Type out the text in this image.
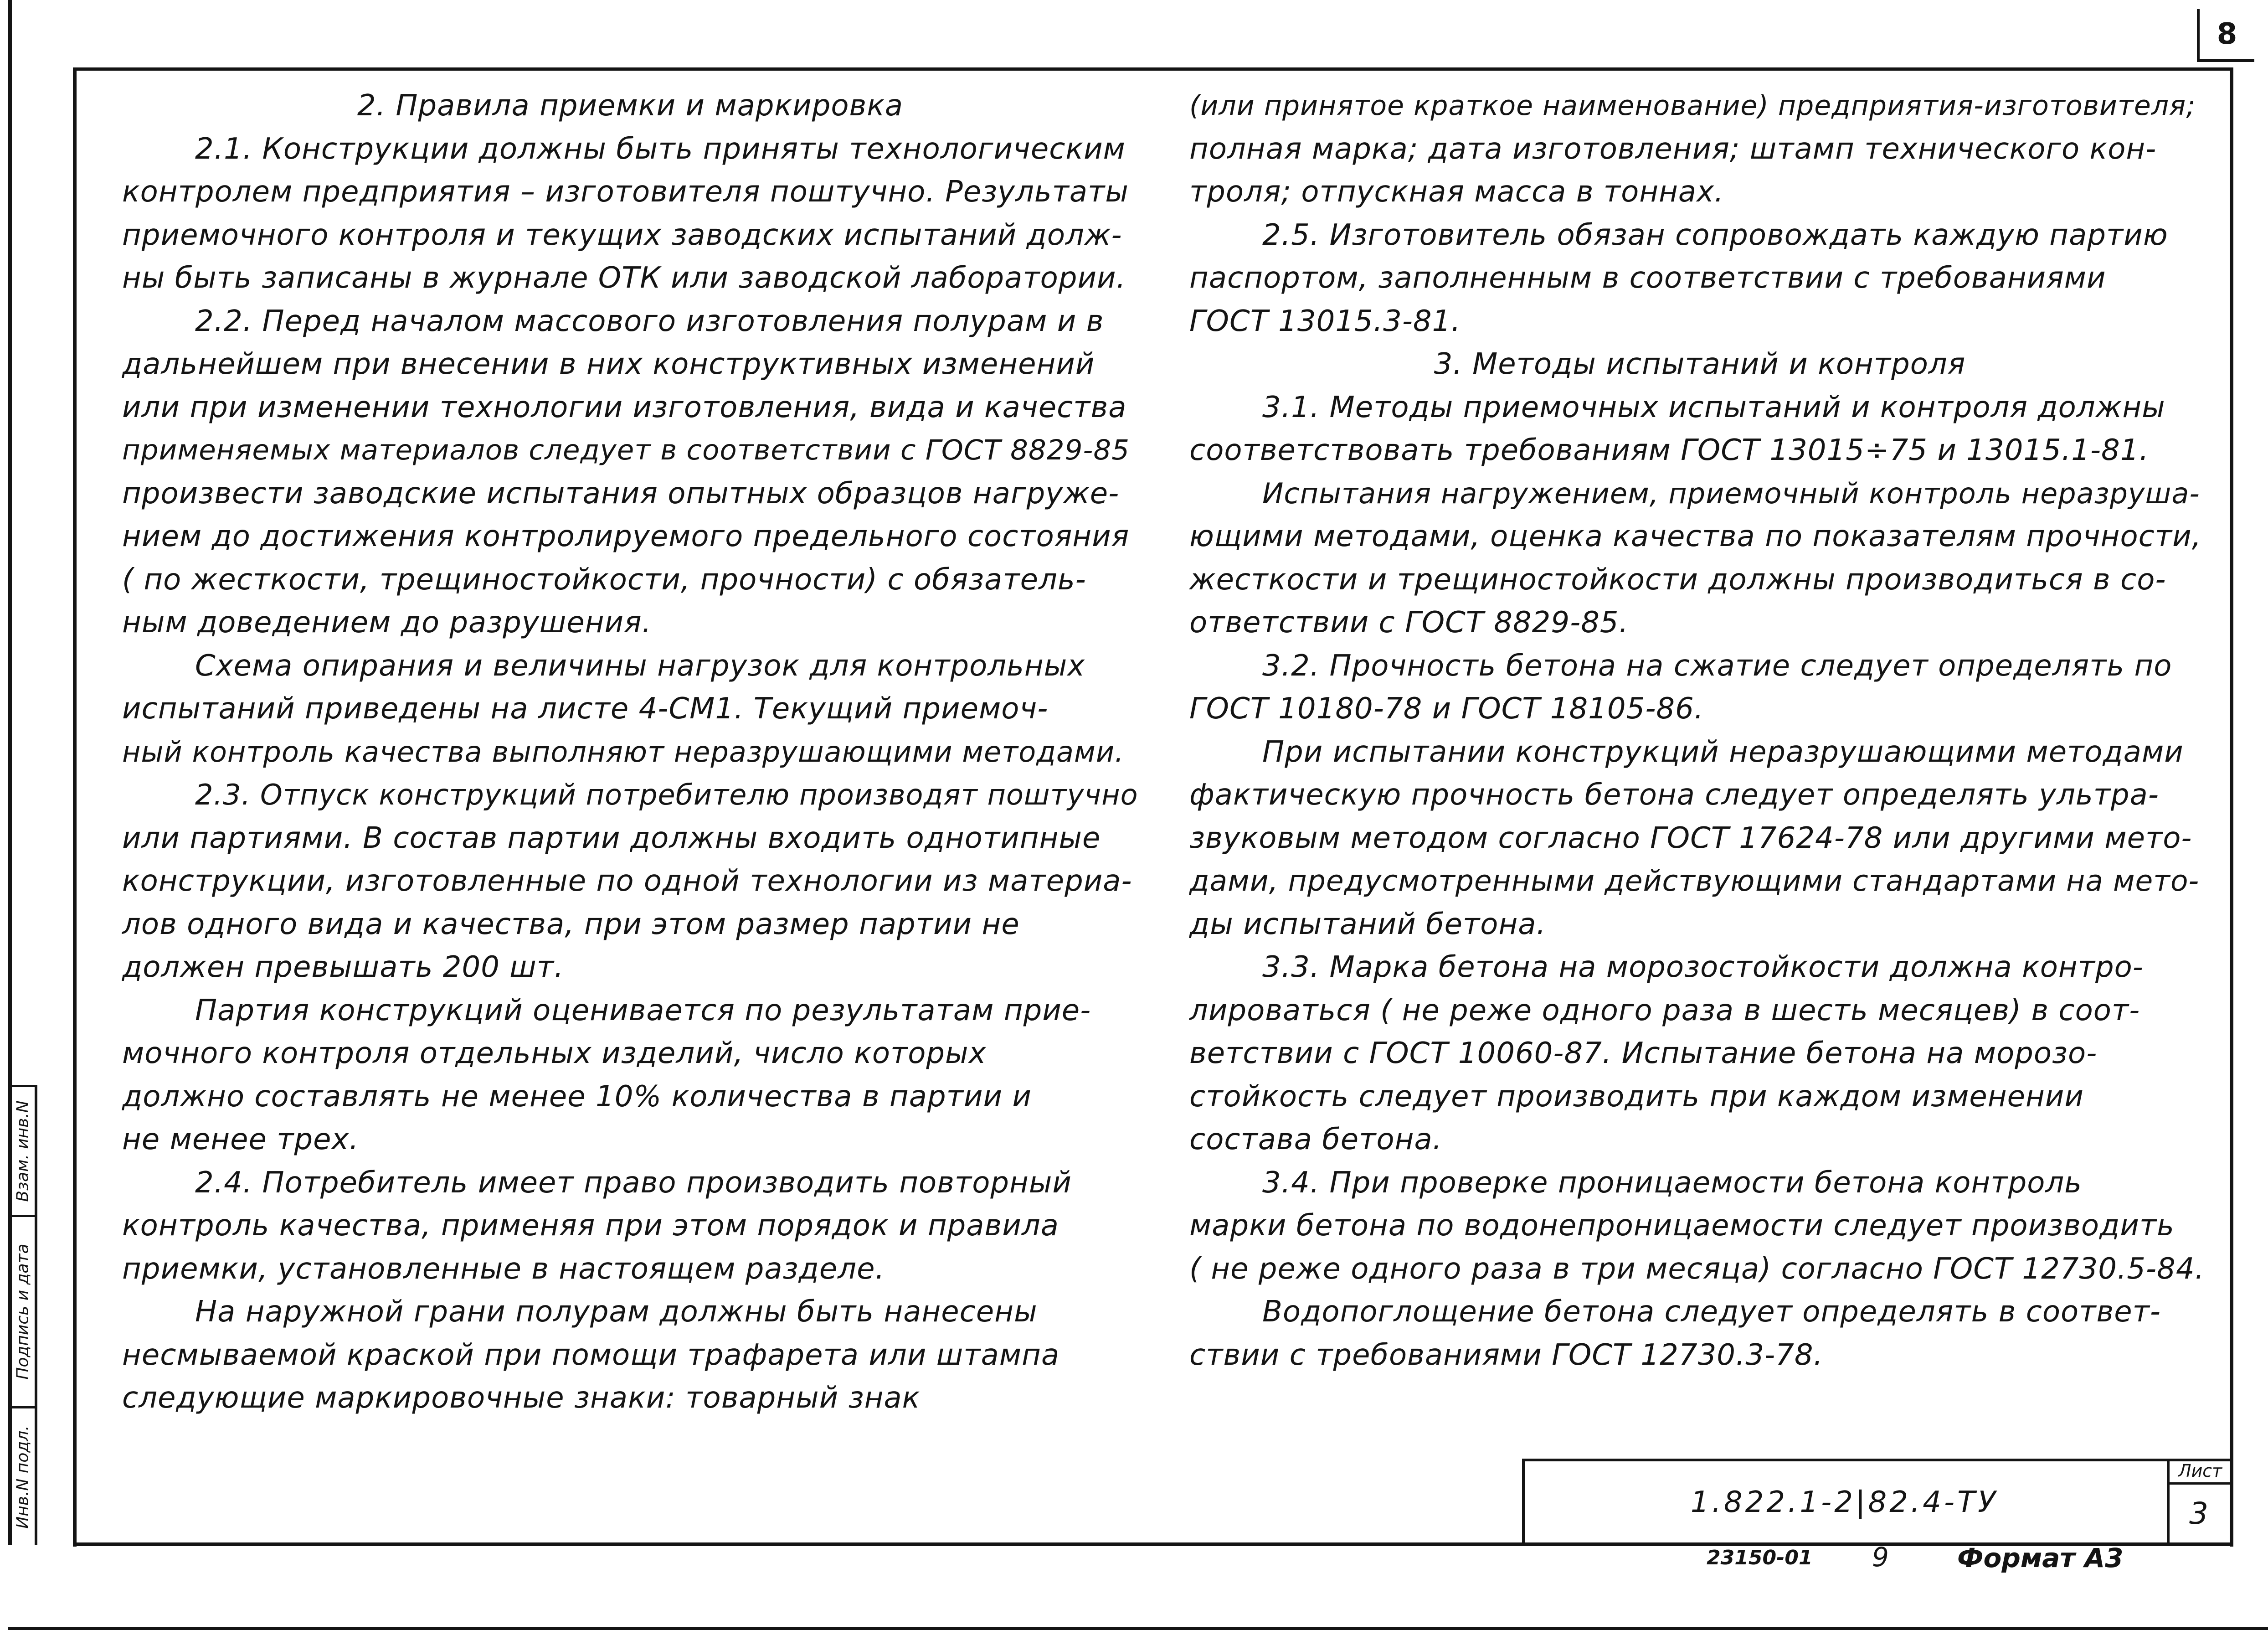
8
Взам. инв.N
Подпись и дата
Инв.N подл.
2. Правила приемки и маркировка
2.1. Конструкции должны быть приняты технологическим
контролем предприятия – изготовителя поштучно. Результаты
приемочного контроля и текущих заводских испытаний долж-
ны быть записаны в журнале ОТК или заводской лаборатории.
2.2. Перед началом массового изготовления полурам и в
дальнейшем при внесении в них конструктивных изменений
или при изменении технологии изготовления, вида и качества
применяемых материалов следует в соответствии с ГОСТ 8829-85
произвести заводские испытания опытных образцов нагруже-
нием до достижения контролируемого предельного состояния
( по жесткости, трещиностойкости, прочности) с обязатель-
ным доведением до разрушения.
Схема опирания и величины нагрузок для контрольных
испытаний приведены на листе 4-СМ1. Текущий приемоч-
ный контроль качества выполняют неразрушающими методами.
2.3. Отпуск конструкций потребителю производят поштучно
или партиями. В состав партии должны входить однотипные
конструкции, изготовленные по одной технологии из материа-
лов одного вида и качества, при этом размер партии не
должен превышать 200 шт.
Партия конструкций оценивается по результатам прие-
мочного контроля отдельных изделий, число которых
должно составлять не менее 10% количества в партии и
не менее трех.
2.4. Потребитель имеет право производить повторный
контроль качества, применяя при этом порядок и правила
приемки, установленные в настоящем разделе.
На наружной грани полурам должны быть нанесены
несмываемой краской при помощи трафарета или штампа
следующие маркировочные знаки: товарный знак
(или принятое краткое наименование) предприятия-изготовителя;
полная марка; дата изготовления; штамп технического кон-
троля; отпускная масса в тоннах.
2.5. Изготовитель обязан сопровождать каждую партию
паспортом, заполненным в соответствии с требованиями
ГОСТ 13015.3-81.
3. Методы испытаний и контроля
3.1. Методы приемочных испытаний и контроля должны
соответствовать требованиям ГОСТ 13015÷75 и 13015.1-81.
Испытания нагружением, приемочный контроль неразруша-
ющими методами, оценка качества по показателям прочности,
жесткости и трещиностойкости должны производиться в со-
ответствии с ГОСТ 8829-85.
3.2. Прочность бетона на сжатие следует определять по
ГОСТ 10180-78 и ГОСТ 18105-86.
При испытании конструкций неразрушающими методами
фактическую прочность бетона следует определять ультра-
звуковым методом согласно ГОСТ 17624-78 или другими мето-
дами, предусмотренными действующими стандартами на мето-
ды испытаний бетона.
3.3. Марка бетона на морозостойкости должна контро-
лироваться ( не реже одного раза в шесть месяцев) в соот-
ветствии с ГОСТ 10060-87. Испытание бетона на морозо-
стойкость следует производить при каждом изменении
состава бетона.
3.4. При проверке проницаемости бетона контроль
марки бетона по водонепроницаемости следует производить
( не реже одного раза в три месяца) согласно ГОСТ 12730.5-84.
Водопоглощение бетона следует определять в соответ-
ствии с требованиями ГОСТ 12730.3-78.
1.822.1-2|82.4-ТУ
Лист
3
23150-01 9	Формат А3
